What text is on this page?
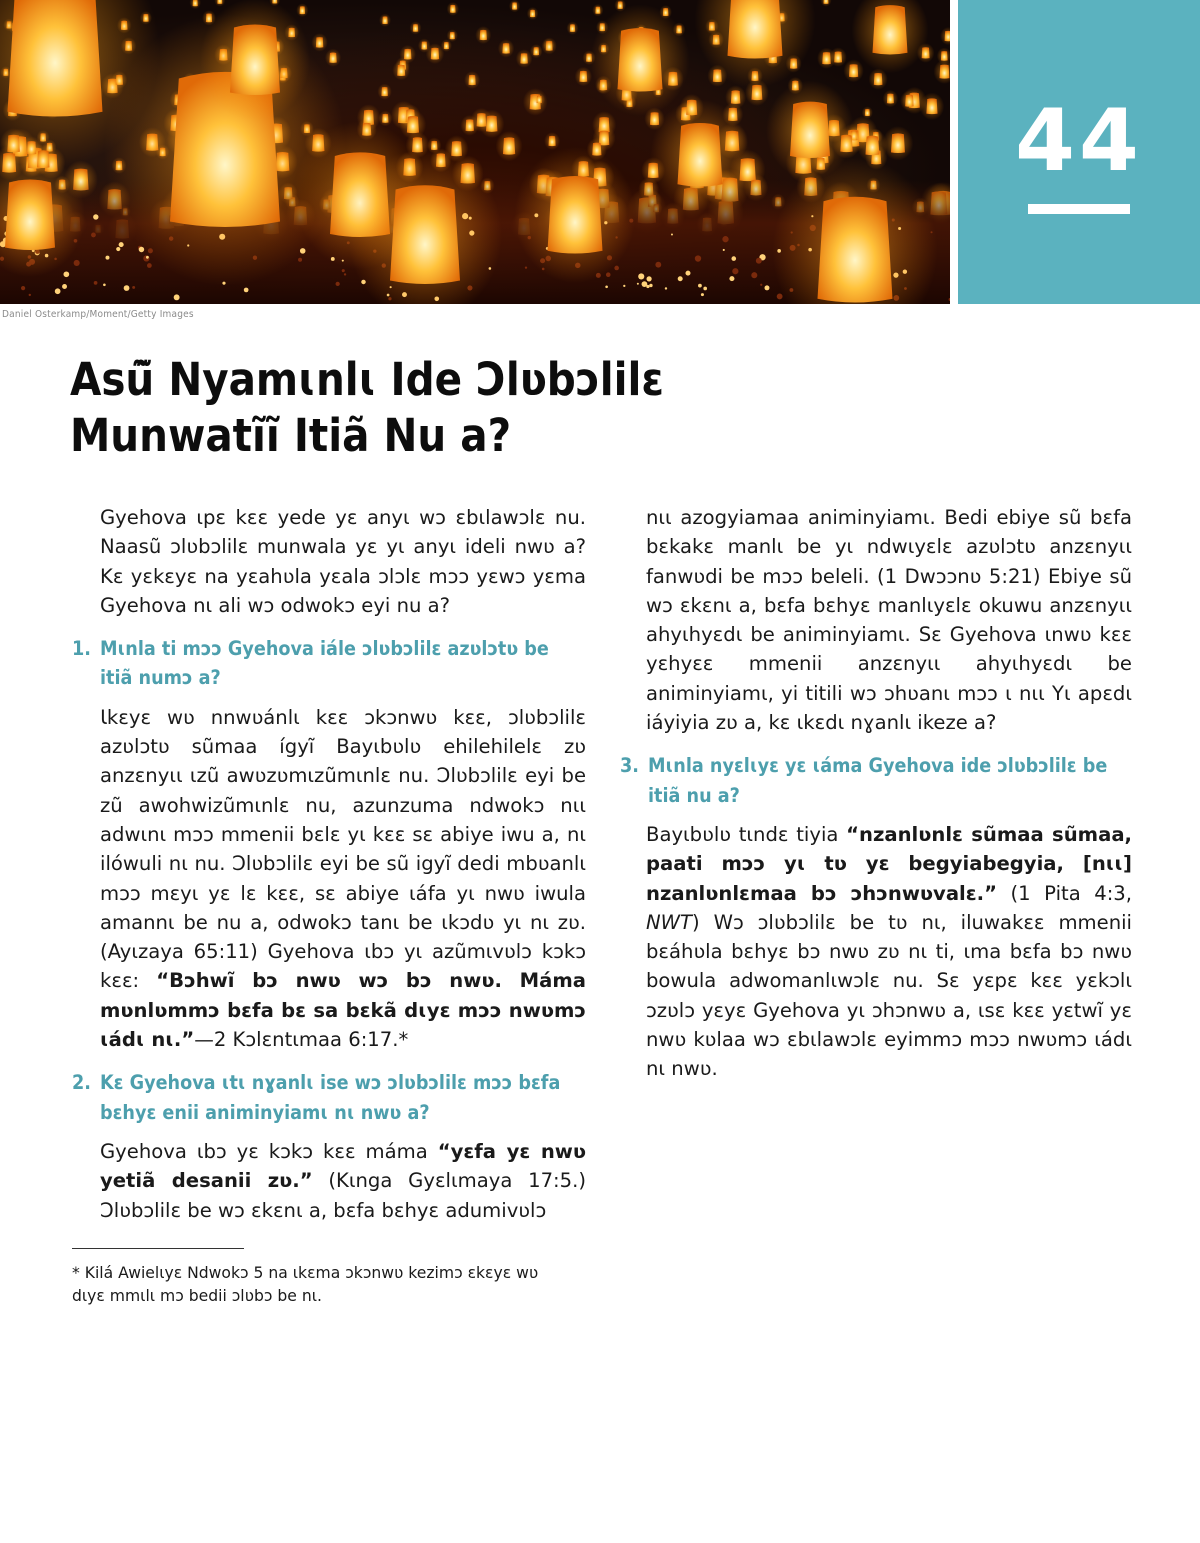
Daniel Osterkamp/Moment/Getty Images
44
Asũ̃ Nyamɩnlɩ Ide Ɔlʋbɔlilɛ
Munwatĩĩ Itiã Nu a?

Gyehova ɩpɛ kɛɛ yede yɛ anyɩ wɔ ɛbɩlawɔlɛ nu. Naasũ ɔlʋbɔlilɛ munwala yɛ yɩ anyɩ ideli nwʋ a? Kɛ yɛkɛyɛ na yɛahʋla yɛala ɔlɔlɛ mɔɔ yɛwɔ yɛma Gyehova nɩ ali wɔ odwokɔ eyi nu a?

1. Mɩnla ti mɔɔ Gyehova iále ɔlʋbɔlilɛ azʋlɔtʋ be itiã numɔ a?

Ɩkɛyɛ wʋ nnwʋánlɩ kɛɛ ɔkɔnwʋ kɛɛ, ɔlʋbɔlilɛ azʋlɔtʋ sũmaa ígyĩ Bayɩbʋlʋ ehilehilelɛ zʋ anzɛnyɩɩ ɩzũ awʋzʋmɩzũmɩnlɛ nu. Ɔlʋbɔlilɛ eyi be zũ awohwizũmɩnlɛ nu, azunzuma ndwokɔ nɩɩ adwɩnɩ mɔɔ mmenii bɛlɛ yɩ kɛɛ sɛ abiye iwu a, nɩ ilówuli nɩ nu. Ɔlʋbɔlilɛ eyi be sũ igyĩ dedi mbʋanlɩ mɔɔ mɛyɩ yɛ lɛ kɛɛ, sɛ abiye ɩáfa yɩ nwʋ iwula amannɩ be nu a, odwokɔ tanɩ be ɩkɔdʋ yɩ nɩ zʋ. (Ayɩzaya 65:11) Gyehova ɩbɔ yɩ azũmɩvʋlɔ kɔkɔ kɛɛ: “Bɔhwĩ bɔ nwʋ wɔ bɔ nwʋ. Máma mʋnlʋmmɔ bɛfa bɛ sa bɛkã dɩyɛ mɔɔ nwʋmɔ ɩádɩ nɩ.”—2 Kɔlɛntɩmaa 6:17.*

2. Kɛ Gyehova ɩtɩ nɣanlɩ ise wɔ ɔlʋbɔlilɛ mɔɔ bɛfa bɛhyɛ enii animinyiamɩ nɩ nwʋ a?

Gyehova ɩbɔ yɛ kɔkɔ kɛɛ máma “yɛfa yɛ nwʋ yetiã desanii zʋ.” (Kɩnga Gyɛlɩmaya 17:5.) Ɔlʋbɔlilɛ be wɔ ɛkɛnɩ a, bɛfa bɛhyɛ adumivʋlɔ

nɩɩ azogyiamaa animinyiamɩ. Bedi ebiye sũ bɛfa bɛkakɛ manlɩ be yɩ ndwɩyɛlɛ azʋlɔtʋ anzɛnyɩɩ fanwʋdi be mɔɔ beleli. (1 Dwɔɔnʋ 5:21) Ebiye sũ wɔ ɛkɛnɩ a, bɛfa bɛhyɛ manlɩyɛlɛ okuwu anzɛnyɩɩ ahyɩhyɛdɩ be animinyiamɩ. Sɛ Gyehova ɩnwʋ kɛɛ yɛhyɛɛ mmenii anzɛnyɩɩ ahyɩhyɛdɩ be animinyiamɩ, yi titili wɔ ɔhʋanɩ mɔɔ ɩ nɩɩ Yɩ apɛdɩ iáyiyia zʋ a, kɛ ɩkɛdɩ nɣanlɩ ikeze a?

3. Mɩnla nyɛlɩyɛ yɛ ɩáma Gyehova ide ɔlʋbɔlilɛ be itiã nu a?

Bayɩbʋlʋ tɩndɛ tiyia “nzanlʋnlɛ sũmaa sũmaa, paati mɔɔ yɩ tʋ yɛ begyiabegyia, [nɩɩ] nzanlʋnlɛmaa bɔ ɔhɔnwʋvalɛ.” (1 Pita 4:3, NWT) Wɔ ɔlʋbɔlilɛ be tʋ nɩ, iluwakɛɛ mmenii bɛáhʋla bɛhyɛ bɔ nwʋ zʋ nɩ ti, ɩma bɛfa bɔ nwʋ bowula adwomanlɩwɔlɛ nu. Sɛ yɛpɛ kɛɛ yɛkɔlɩ ɔzʋlɔ yɛyɛ Gyehova yɩ ɔhɔnwʋ a, ɩsɛ kɛɛ yɛtwĩ yɛ nwʋ kʋlaa wɔ ɛbɩlawɔlɛ eyimmɔ mɔɔ nwʋmɔ ɩádɩ nɩ nwʋ.

* Kilá Awielɩyɛ Ndwokɔ 5 na ɩkɛma ɔkɔnwʋ kezimɔ ɛkɛyɛ wʋ dɩyɛ mmɩlɩ mɔ bedii ɔlʋbɔ be nɩ.
